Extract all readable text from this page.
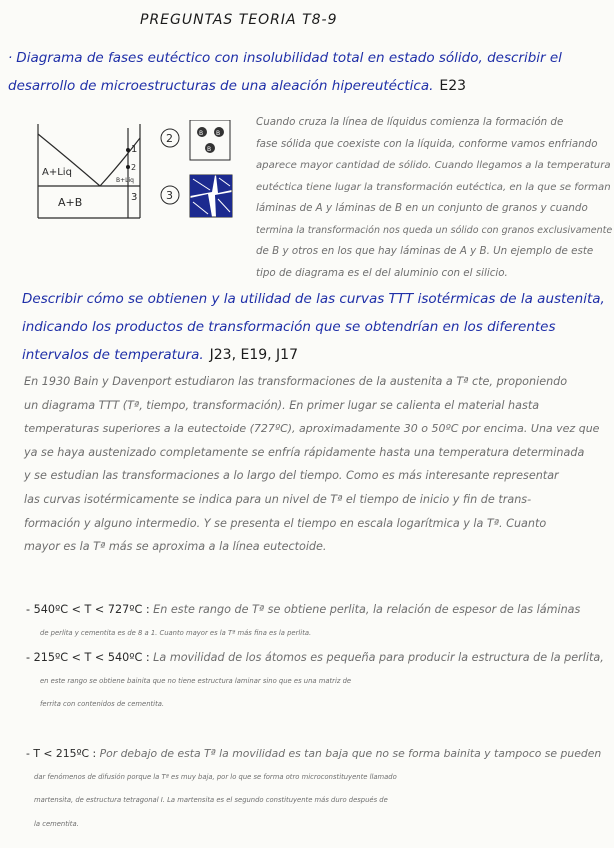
PREGUNTAS TEORIA T8-9
· Diagrama de fases eutéctico con insolubilidad total en estado sólido, describir el desarrollo de microestructuras de una aleación hipereutéctica. E23
A+Liq
A+B
B+Liq
1
2
3
2	B B
B
3
Cuando cruza la línea de líquidus comienza la formación de
fase sólida que coexiste con la líquida, conforme vamos enfriando
aparece mayor cantidad de sólido. Cuando llegamos a la temperatura
eutéctica tiene lugar la transformación eutéctica, en la que se forman
láminas de A y láminas de B en un conjunto de granos y cuando
termina la transformación nos queda un sólido con granos exclusivamente
de B y otros en los que hay láminas de A y B. Un ejemplo de este
tipo de diagrama es el del aluminio con el silicio.
Describir cómo se obtienen y la utilidad de las curvas TTT isotérmicas de la austenita, indicando los productos de transformación que se obtendrían en los diferentes intervalos de temperatura. J23, E19, J17
En 1930 Bain y Davenport estudiaron las transformaciones de la austenita a Tª cte, proponiendo
un diagrama TTT (Tª, tiempo, transformación). En primer lugar se calienta el material hasta
temperaturas superiores a la eutectoide (727ºC), aproximadamente 30 o 50ºC por encima. Una vez que
ya se haya austenizado completamente se enfría rápidamente hasta una temperatura determinada
y se estudian las transformaciones a lo largo del tiempo. Como es más interesante representar
las curvas isotérmicamente se indica para un nivel de Tª el tiempo de inicio y fin de trans-
formación y alguno intermedio. Y se presenta el tiempo en escala logarítmica y la Tª. Cuanto
mayor es la Tª más se aproxima a la línea eutectoide.
- 540ºC < T < 727ºC : En este rango de Tª se obtiene perlita, la relación de espesor de las láminas
de perlita y cementita es de 8 a 1. Cuanto mayor es la Tª más fina es la perlita.
- 215ºC < T < 540ºC : La movilidad de los átomos es pequeña para producir la estructura de la perlita,
en este rango se obtiene bainita que no tiene estructura laminar sino que es una matriz de
ferrita con contenidos de cementita.
- T < 215ºC : Por debajo de esta Tª la movilidad es tan baja que no se forma bainita y tampoco se pueden
dar fenómenos de difusión porque la Tª es muy baja, por lo que se forma otro microconstituyente llamado
martensita, de estructura tetragonal I. La martensita es el segundo constituyente más duro después de
la cementita.
